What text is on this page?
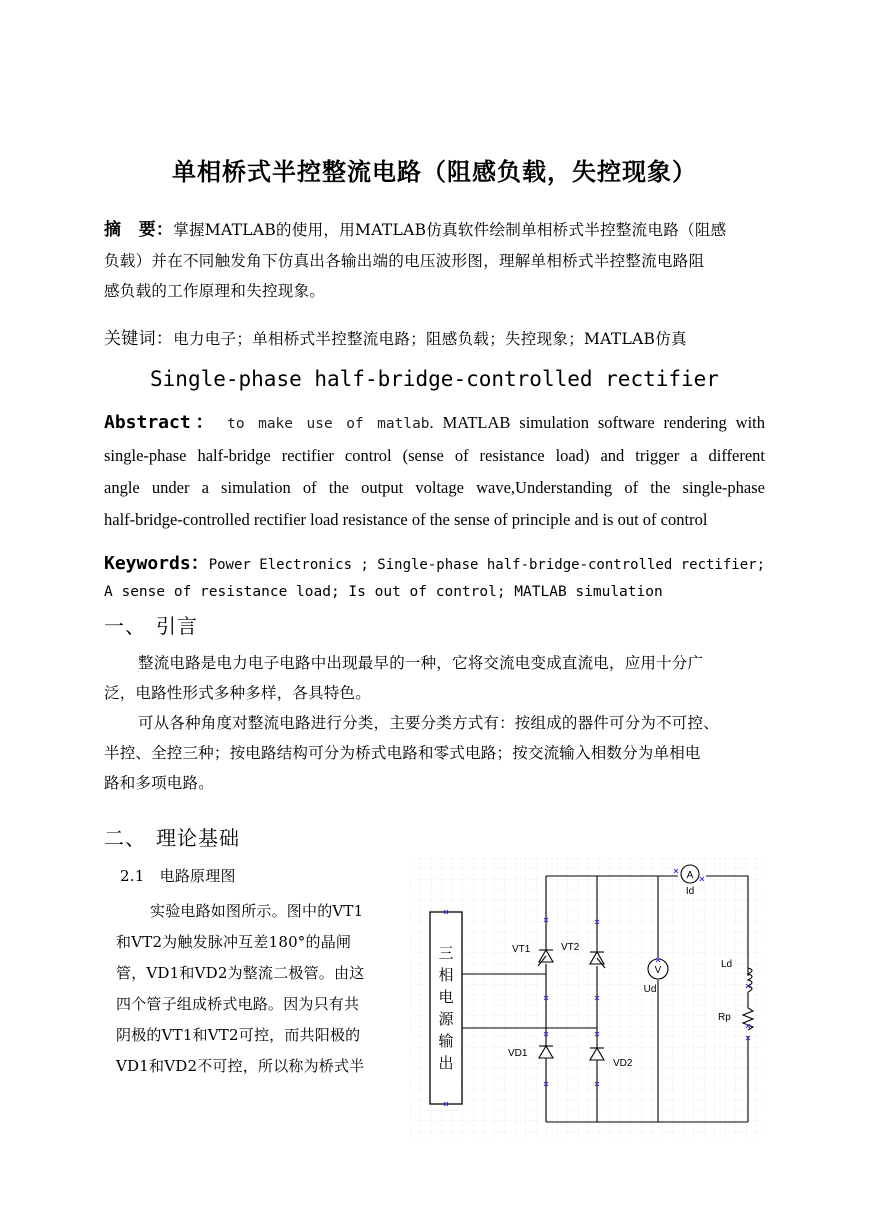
单相桥式半控整流电路（阻感负载，失控现象）
摘　要：掌握MATLAB的使用，用MATLAB仿真软件绘制单相桥式半控整流电路（阻感
负载）并在不同触发角下仿真出各输出端的电压波形图，理解单相桥式半控整流电路阻
感负载的工作原理和失控现象。
关键词：电力电子；单相桥式半控整流电路；阻感负载；失控现象；MATLAB仿真
Single-phase half-bridge-controlled rectifier
Abstract： to make use of matlab. MATLAB simulation software rendering with
single-phase half-bridge rectifier control (sense of resistance load) and trigger a different
angle under a simulation of the output voltage wave,Understanding of the single-phase
half-bridge-controlled rectifier load resistance of the sense of principle and is out of control
Keywords：Power Electronics ; Single-phase half-bridge-controlled rectifier;
A sense of resistance load; Is out of control; MATLAB simulation
一、 引言
整流电路是电力电子电路中出现最早的一种，它将交流电变成直流电，应用十分广
泛，电路性形式多种多样，各具特色。
可从各种角度对整流电路进行分类，主要分类方式有：按组成的器件可分为不可控、
半控、全控三种；按电路结构可分为桥式电路和零式电路；按交流输入相数分为单相电
路和多项电路。
二、 理论基础
2.1　电路原理图
实验电路如图所示。图中的VT1
和VT2为触发脉冲互差180°的晶闸
管，VD1和VD2为整流二极管。由这
四个管子组成桥式电路。因为只有共
阴极的VT1和VT2可控，而共阳极的
VD1和VD2不可控，所以称为桥式半
三
相
电
源
输
出
A
Id
V
Ud
VT1	VT2
VD1
VD2
Ld
Rp
